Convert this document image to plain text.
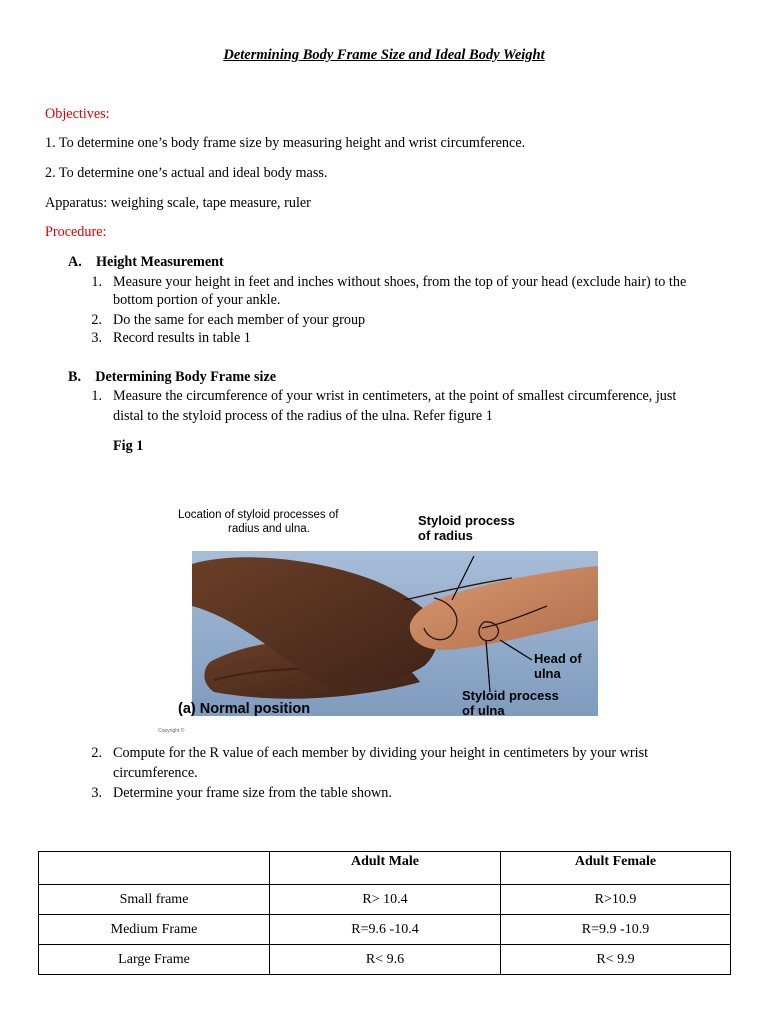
Determining Body Frame Size and Ideal Body Weight
Objectives:
1. To determine one’s body frame size by measuring height and wrist circumference.
2. To determine one’s actual and ideal body mass.
Apparatus: weighing scale, tape measure, ruler
Procedure:
A. Height Measurement
1. Measure your height in feet and inches without shoes, from the top of your head (exclude hair) to the
bottom portion of your ankle.
2. Do the same for each member of your group
3. Record results in table 1
B. Determining Body Frame size
1. Measure the circumference of your wrist in centimeters, at the point of smallest circumference, just
distal to the styloid process of the radius of the ulna. Refer figure 1
Fig 1
Location of styloid processes of
radius and ulna.
Styloid process
of radius
Head of
ulna
Styloid process
of ulna
(a) Normal position
Copyright ©
2. Compute for the R value of each member by dividing your height in centimeters by your wrist
circumference.
3. Determine your frame size from the table shown.
	Adult Male	Adult Female
Small frame	R> 10.4	R>10.9
Medium Frame	R=9.6 -10.4	R=9.9 -10.9
Large Frame	R< 9.6	R< 9.9
